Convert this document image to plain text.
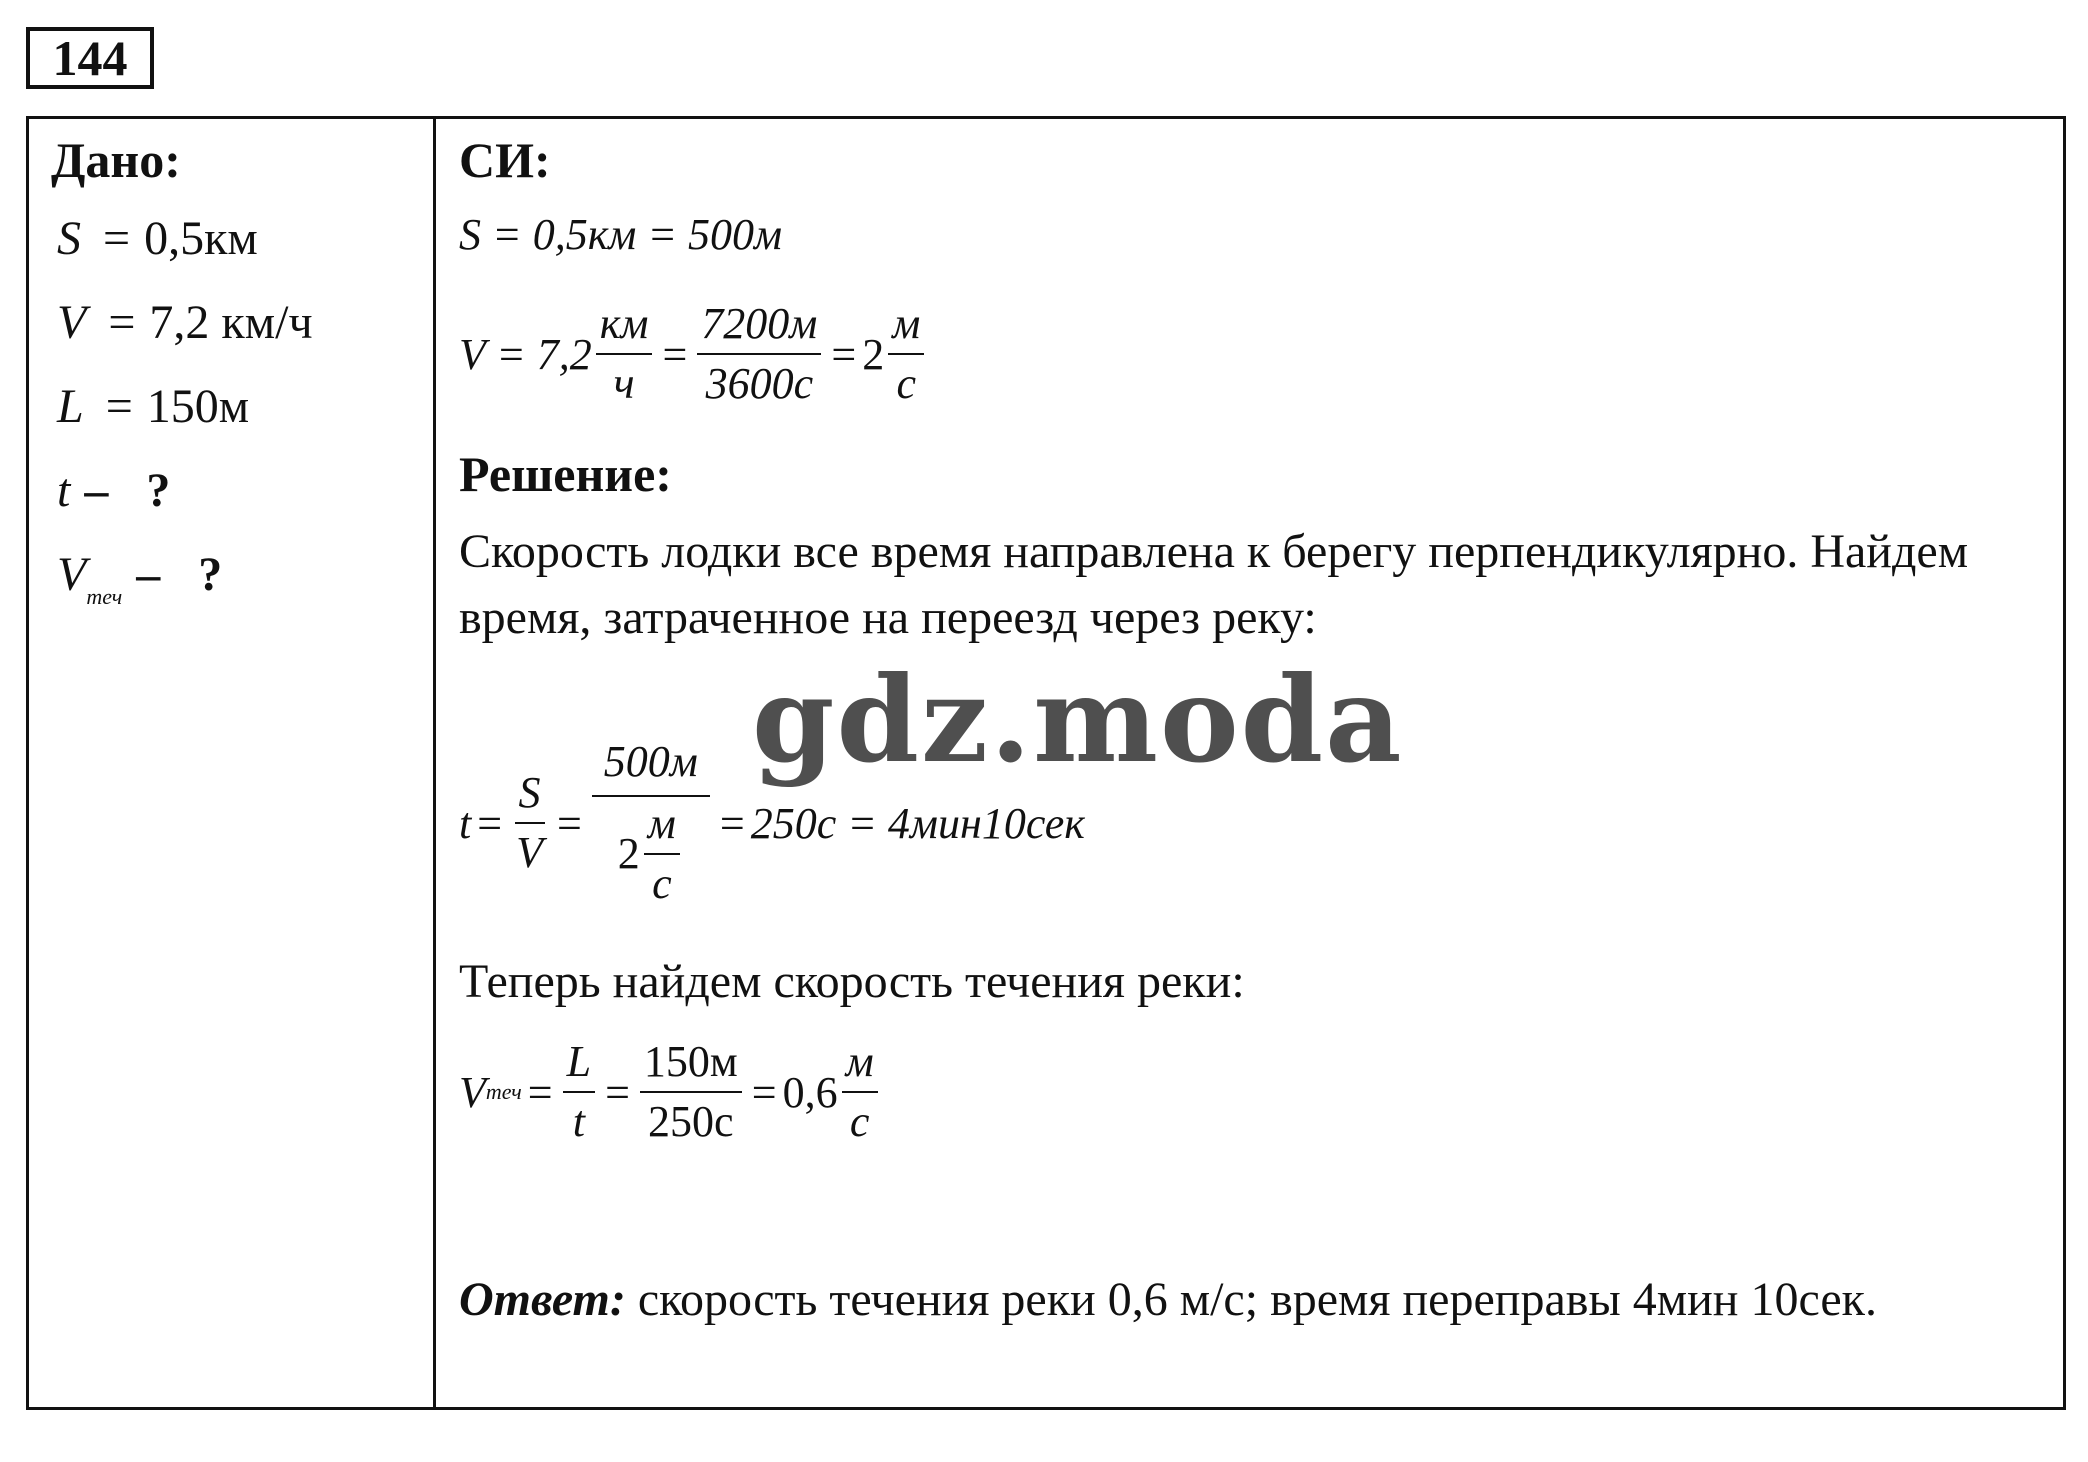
144
Дано:
S = 0,5км
V = 7,2 км/ч
L = 150м
t – ?
$V_{теч}$ – ?
СИ:
S = 0,5км = 500м
$V = 7,2 \frac{км}{ч} = \frac{7200м}{3600с} = 2 \frac{м}{с}$
Решение:
Скорость лодки все время направлена к берегу перпендикулярно. Найдем время, затраченное на переезд через реку:
$t = \frac{S}{V} = \frac{500м}{2 \frac{м}{с}} = 250с = 4мин10сек$
Теперь найдем скорость течения реки:
V теч = $\frac{L}{t} = \frac{150м}{250с} = 0,6 \frac{м}{с}$
Ответ: скорость течения реки 0,6 м/с; время переправы 4мин 10сек.
gdz.moda
